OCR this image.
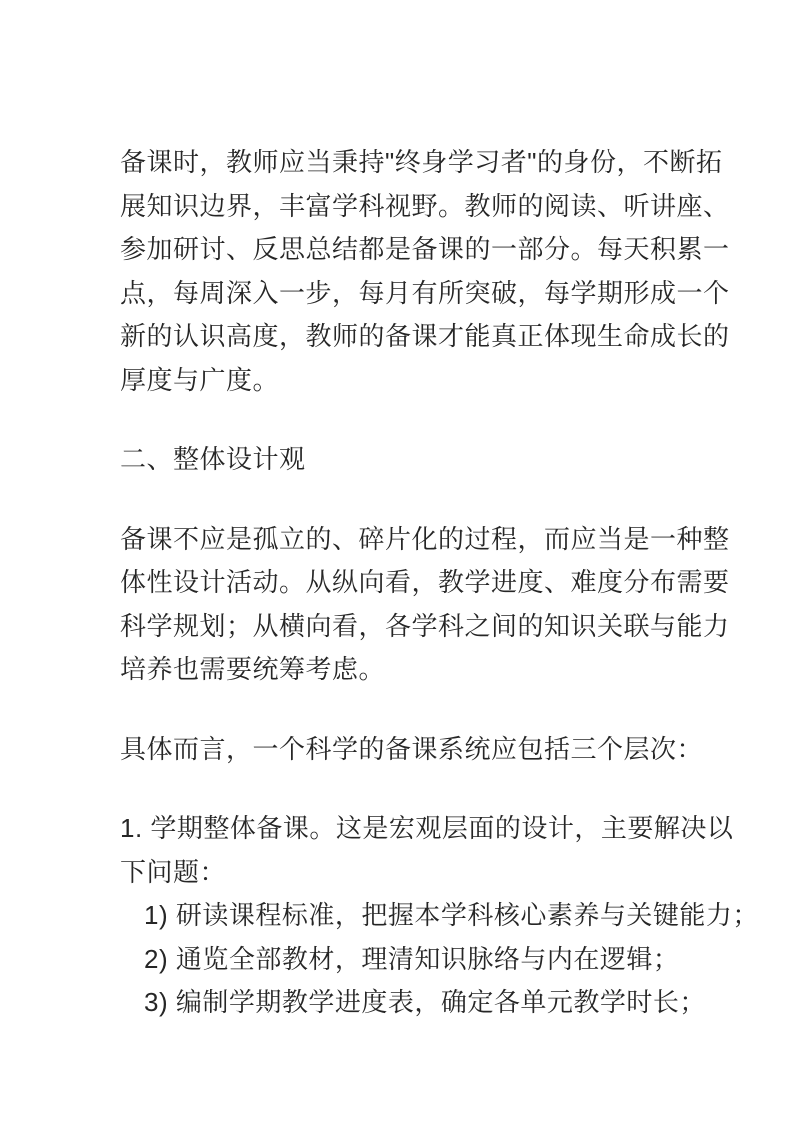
备课时，教师应当秉持"终身学习者"的身份，不断拓
展知识边界，丰富学科视野。教师的阅读、听讲座、
参加研讨、反思总结都是备课的一部分。每天积累一
点，每周深入一步，每月有所突破，每学期形成一个
新的认识高度，教师的备课才能真正体现生命成长的
厚度与广度。
二、整体设计观
备课不应是孤立的、碎片化的过程，而应当是一种整
体性设计活动。从纵向看，教学进度、难度分布需要
科学规划；从横向看，各学科之间的知识关联与能力
培养也需要统筹考虑。
具体而言，一个科学的备课系统应包括三个层次：
1. 学期整体备课。这是宏观层面的设计，主要解决以
下问题：
1) 研读课程标准，把握本学科核心素养与关键能力；
2) 通览全部教材，理清知识脉络与内在逻辑；
3) 编制学期教学进度表，确定各单元教学时长；
